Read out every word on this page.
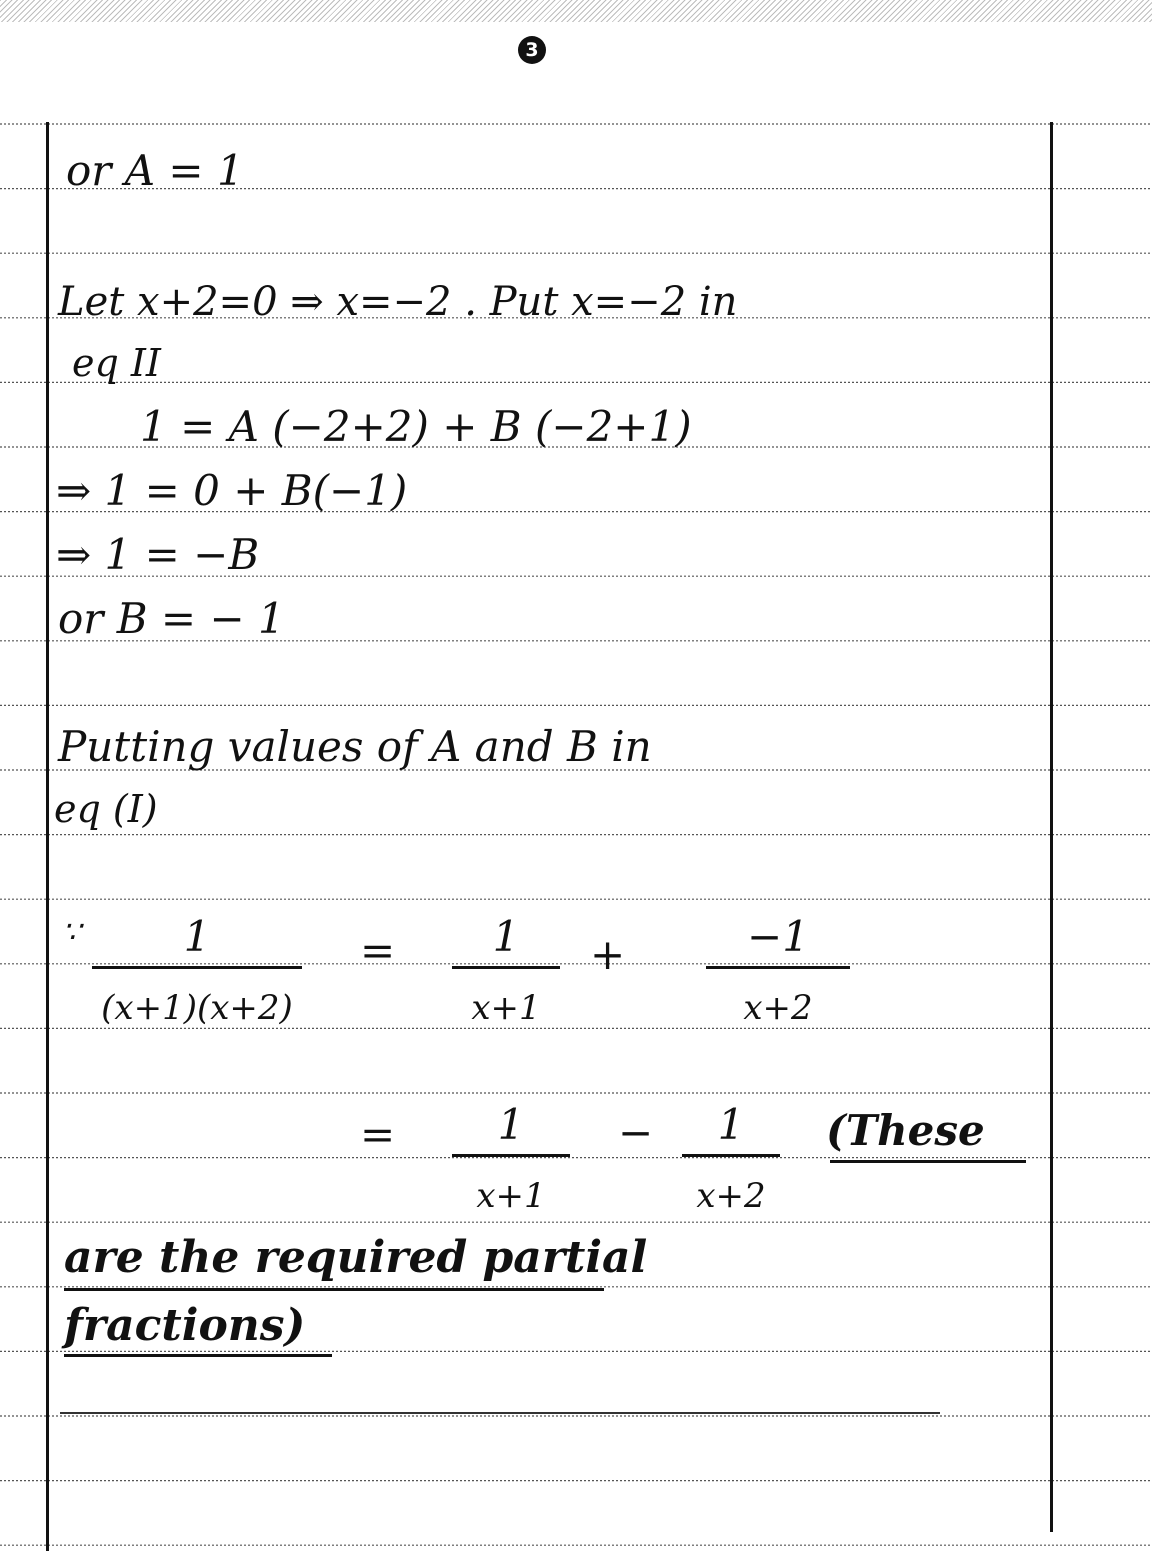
3
or A = 1
Let x+2=0 ⇒ x=−2 . Put x=−2 in
eq II
1 = A (−2+2) + B (−2+1)
⇒ 1 = 0 + B(−1)
⇒ 1 = −B
or B = − 1
Putting values of A and B in
eq (I)
∵	1
(x+1)(x+2)
=	1
x+1
+	−1
x+2
=	1
x+1
−	1
x+2
(These
are the required partial
fractions)
